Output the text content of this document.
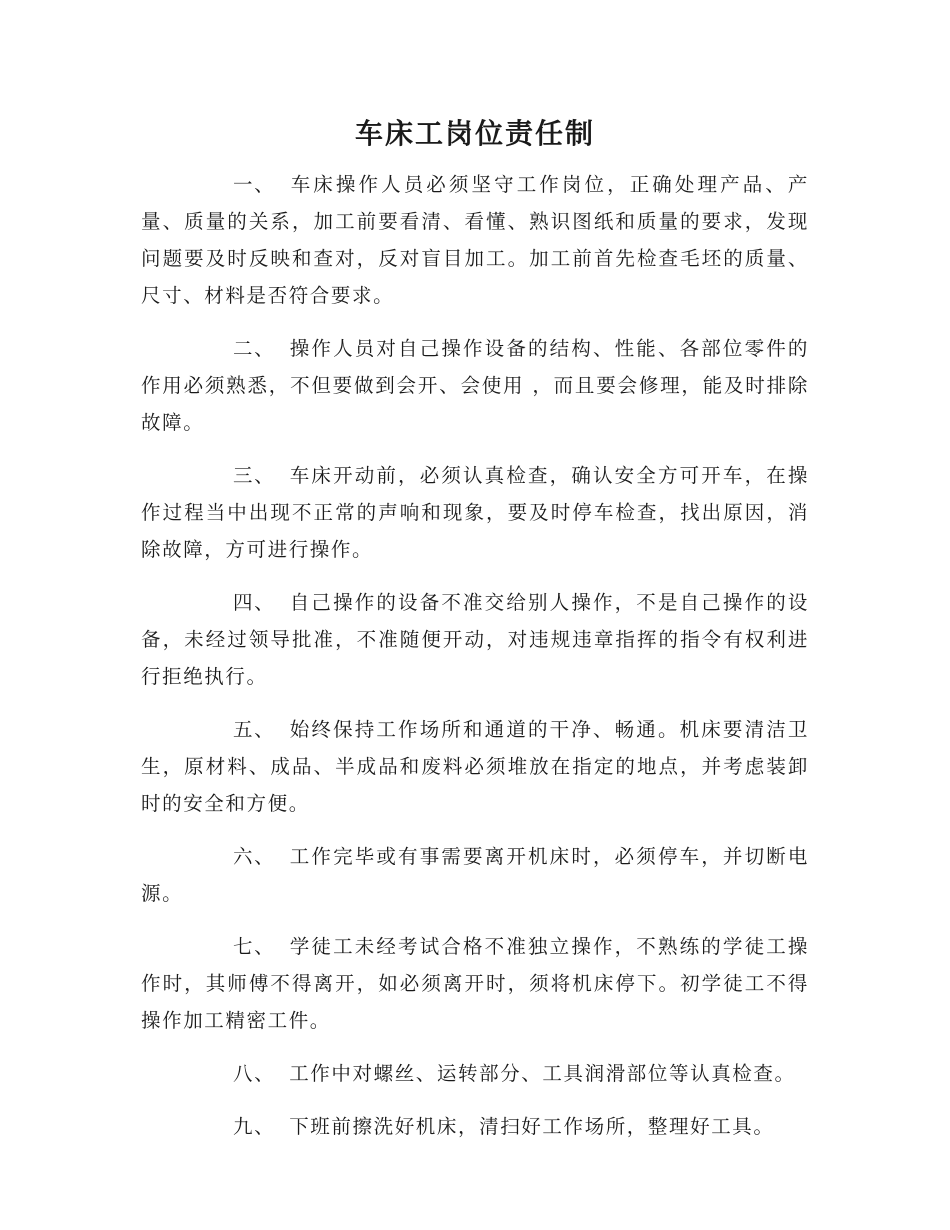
车床工岗位责任制

一、 车床操作人员必须坚守工作岗位，正确处理产品、产量、质量的关系，加工前要看清、看懂、熟识图纸和质量的要求，发现问题要及时反映和查对，反对盲目加工。加工前首先检查毛坯的质量、尺寸、材料是否符合要求。

二、 操作人员对自己操作设备的结构、性能、各部位零件的作用必须熟悉，不但要做到会开、会使用 ，而且要会修理，能及时排除故障。

三、 车床开动前，必须认真检查，确认安全方可开车，在操作过程当中出现不正常的声响和现象，要及时停车检查，找出原因，消除故障，方可进行操作。

四、 自己操作的设备不准交给别人操作，不是自己操作的设备，未经过领导批准，不准随便开动，对违规违章指挥的指令有权利进行拒绝执行。

五、 始终保持工作场所和通道的干净、畅通。机床要清洁卫生，原材料、成品、半成品和废料必须堆放在指定的地点，并考虑装卸时的安全和方便。

六、 工作完毕或有事需要离开机床时，必须停车，并切断电源。

七、 学徒工未经考试合格不准独立操作，不熟练的学徒工操作时，其师傅不得离开，如必须离开时，须将机床停下。初学徒工不得操作加工精密工件。

八、 工作中对螺丝、运转部分、工具润滑部位等认真检查。

九、 下班前擦洗好机床，清扫好工作场所，整理好工具。
